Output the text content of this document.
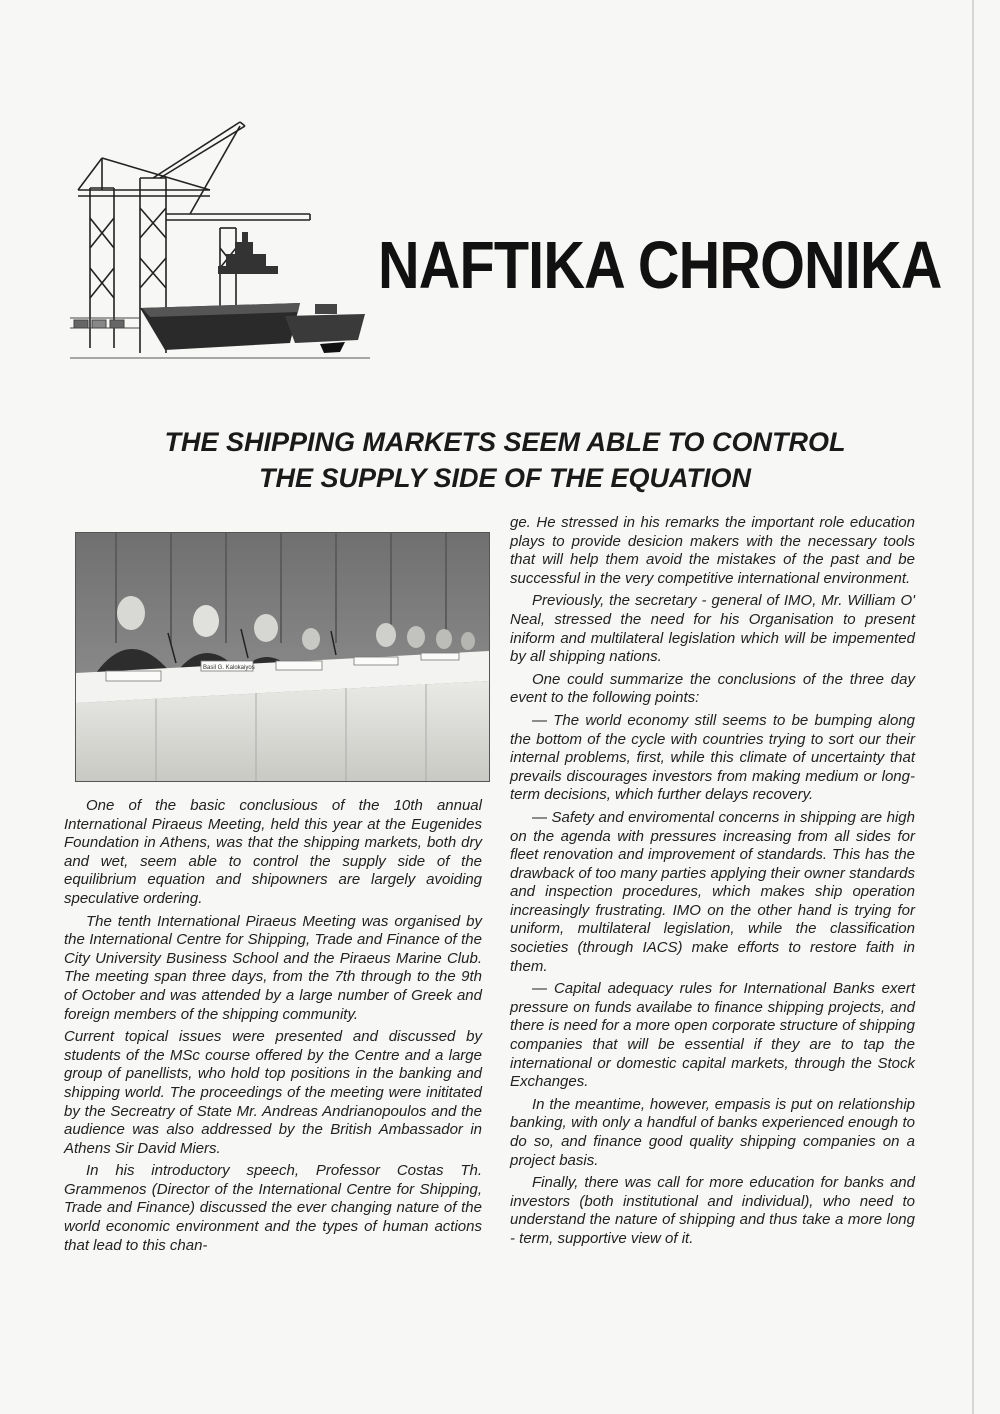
NAFTIKA CHRONIKA
THE SHIPPING MARKETS SEEM ABLE TO CONTROL
THE SUPPLY SIDE OF THE EQUATION
Basil G. Kalokaiyos

One of the basic conclusious of the 10th annual International Piraeus Meeting, held this year at the Eugenides Foundation in Athens, was that the shipping markets, both dry and wet, seem able to control the supply side of the equilibrium equation and shipowners are largely avoiding speculative ordering.

The tenth International Piraeus Meeting was organised by the International Centre for Shipping, Trade and Finance of the City University Business School and the Piraeus Marine Club. The meeting span three days, from the 7th through to the 9th of October and was attended by a large number of Greek and foreign members of the shipping community.

Current topical issues were presented and discussed by students of the MSc course offered by the Centre and a large group of panellists, who hold top positions in the banking and shipping world. The proceedings of the meeting were inititated by the Secreatry of State Mr. Andreas Andrianopoulos and the audience was also addressed by the British Ambassador in Athens Sir David Miers.

In his introductory speech, Professor Costas Th. Grammenos (Director of the International Centre for Shipping, Trade and Finance) discussed the ever changing nature of the world economic environment and the types of human actions that lead to this chan-

ge. He stressed in his remarks the important role education plays to provide desicion makers with the necessary tools that will help them avoid the mistakes of the past and be successful in the very competitive international environment.

Previously, the secretary - general of IMO, Mr. William O' Neal, stressed the need for his Organisation to present iniform and multilateral legislation which will be impemented by all shipping nations.

One could summarize the conclusions of the three day event to the following points:

— The world economy still seems to be bumping along the bottom of the cycle with countries trying to sort our their internal problems, first, while this climate of uncertainty that prevails discourages investors from making medium or long-term decisions, which further delays recovery.

— Safety and enviromental concerns in shipping are high on the agenda with pressures increasing from all sides for fleet renovation and improvement of standards. This has the drawback of too many parties applying their owner standards and inspection procedures, which makes ship operation increasingly frustrating. IMO on the other hand is trying for uniform, multilateral legislation, while the classification societies (through IACS) make efforts to restore faith in them.

— Capital adequacy rules for International Banks exert pressure on funds availabe to finance shipping projects, and there is need for a more open corporate structure of shipping companies that will be essential if they are to tap the international or domestic capital markets, through the Stock Exchanges.

In the meantime, however, empasis is put on relationship banking, with only a handful of banks experienced enough to do so, and finance good quality shipping companies on a project basis.

Finally, there was call for more education for banks and investors (both institutional and individual), who need to understand the nature of shipping and thus take a more long - term, supportive view of it.
